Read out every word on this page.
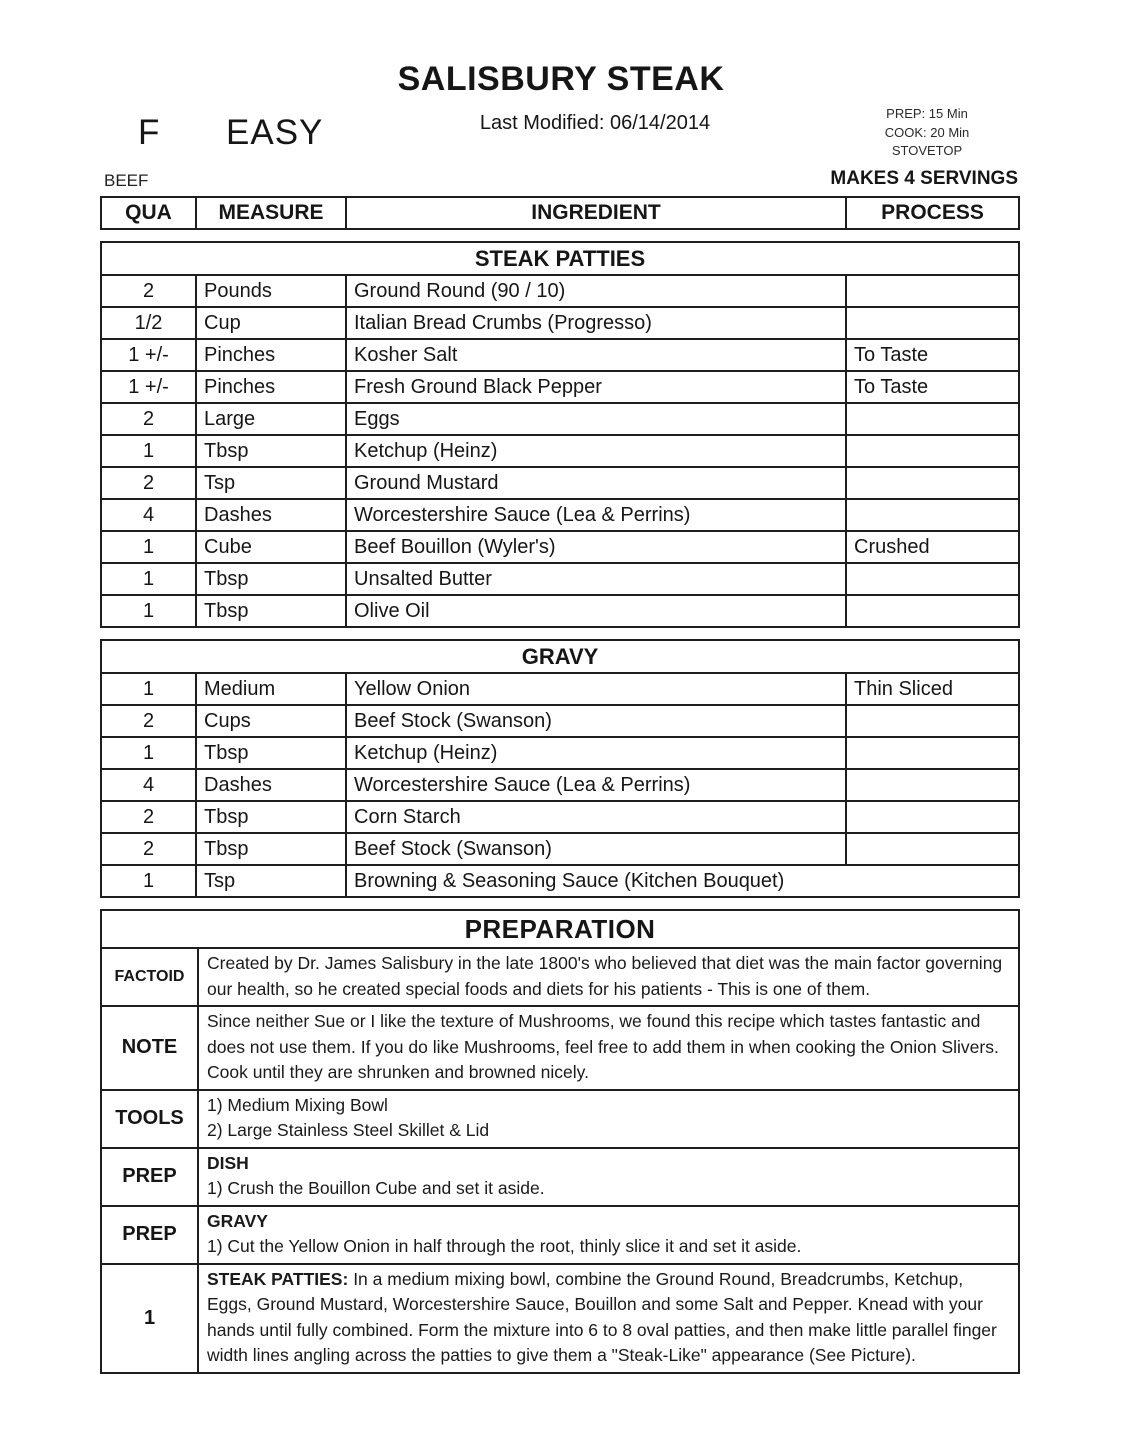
SALISBURY STEAK
Last Modified: 06/14/2014
F EASY	PREP: 15 Min
COOK: 20 Min
STOVETOP
BEEF	MAKES 4 SERVINGS
QUA	MEASURE	INGREDIENT	PROCESS
STEAK PATTIES			
2	Pounds	Ground Round (90 / 10)	
1/2	Cup	Italian Bread Crumbs (Progresso)	
1 +/-	Pinches	Kosher Salt	To Taste
1 +/-	Pinches	Fresh Ground Black Pepper	To Taste
2	Large	Eggs	
1	Tbsp	Ketchup (Heinz)	
2	Tsp	Ground Mustard	
4	Dashes	Worcestershire Sauce (Lea & Perrins)	
1	Cube	Beef Bouillon (Wyler's)	Crushed
1	Tbsp	Unsalted Butter	
1	Tbsp	Olive Oil	
GRAVY			
1	Medium	Yellow Onion	Thin Sliced
2	Cups	Beef Stock (Swanson)	
1	Tbsp	Ketchup (Heinz)	
4	Dashes	Worcestershire Sauce (Lea & Perrins)	
2	Tbsp	Corn Starch	
2	Tbsp	Beef Stock (Swanson)	
1	Tsp	Browning & Seasoning Sauce (Kitchen Bouquet)	
PREPARATION	
FACTOID	Created by Dr. James Salisbury in the late 1800's who believed that diet was the main factor governing our health, so he created special foods and diets for his patients - This is one of them.
NOTE	Since neither Sue or I like the texture of Mushrooms, we found this recipe which tastes fantastic and does not use them. If you do like Mushrooms, feel free to add them in when cooking the Onion Slivers. Cook until they are shrunken and browned nicely.
TOOLS	1) Medium Mixing Bowl
2) Large Stainless Steel Skillet & Lid

PREP	DISH
1) Crush the Bouillon Cube and set it aside.

PREP	GRAVY
1) Cut the Yellow Onion in half through the root, thinly slice it and set it aside.

1	STEAK PATTIES: In a medium mixing bowl, combine the Ground Round, Breadcrumbs, Ketchup, Eggs, Ground Mustard, Worcestershire Sauce, Bouillon and some Salt and Pepper. Knead with your hands until fully combined. Form the mixture into 6 to 8 oval patties, and then make little parallel finger width lines angling across the patties to give them a "Steak-Like" appearance (See Picture).
